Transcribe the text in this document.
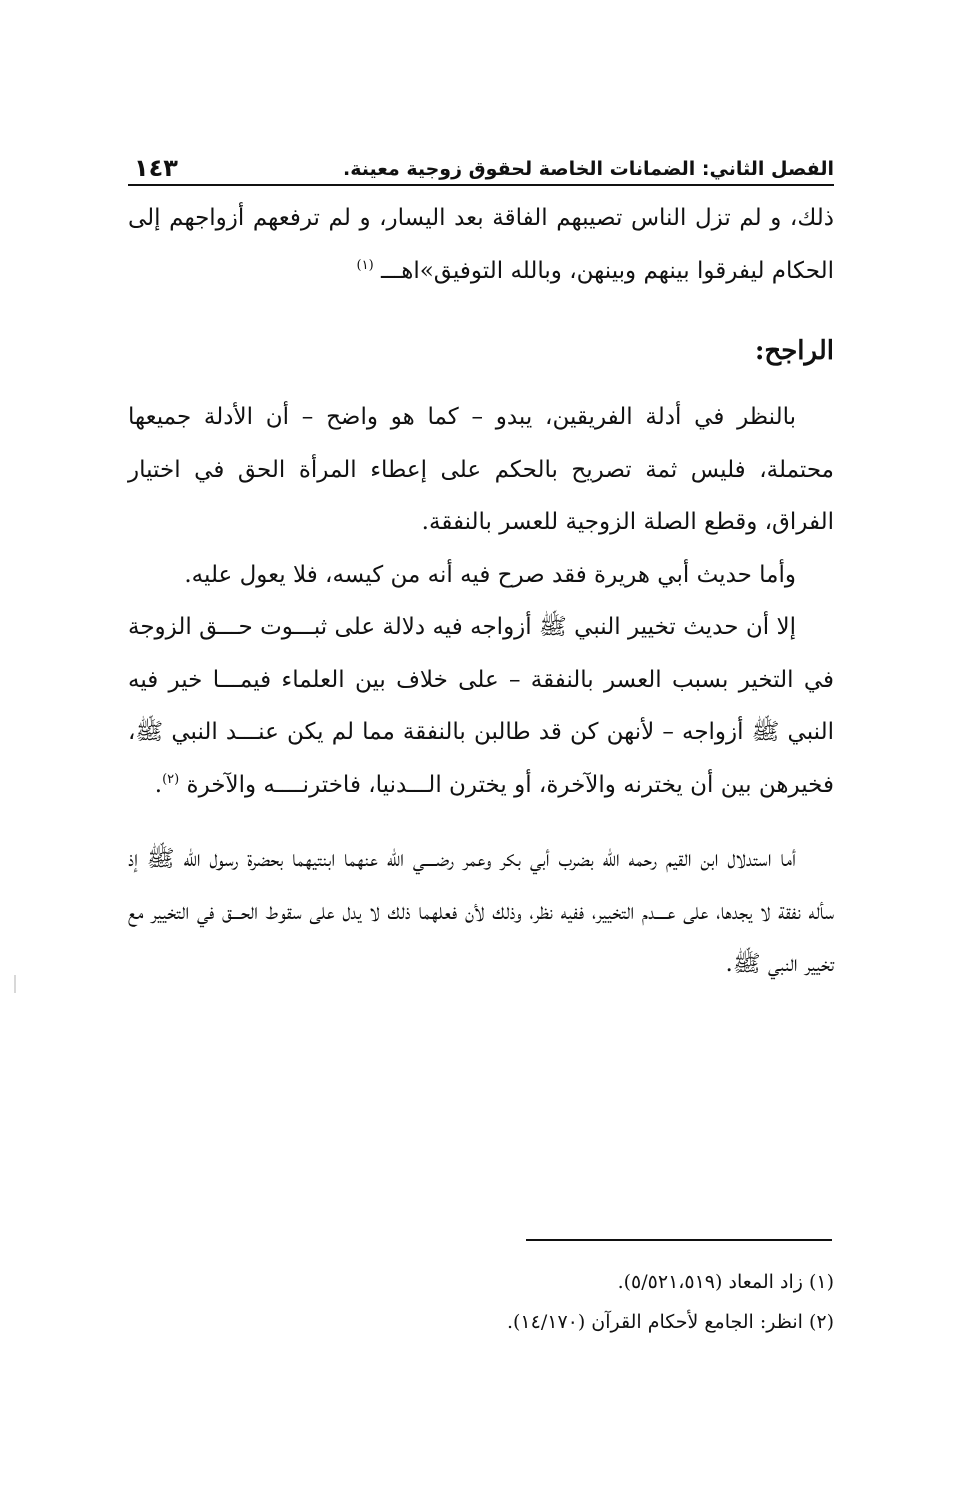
الفصل الثاني: الضمانات الخاصة لحقوق زوجية معينة.
١٤٣

ذلك، و لم تزل الناس تصيبهم الفاقة بعد اليسار، و لم ترفعهم أزواجهم إلى الحكام ليفرقوا بينهم وبينهن، وبالله التوفيق»اهـــ $^{(١)}$

الراجح:

بالنظر في أدلة الفريقين، يبدو – كما هو واضح – أن الأدلة جميعها محتملة، فليس ثمة تصريح بالحكم على إعطاء المرأة الحق في اختيار الفراق، وقطع الصلة الزوجية للعسر بالنفقة.

وأما حديث أبي هريرة فقد صرح فيه أنه من كيسه، فلا يعول عليه.

إلا أن حديث تخيير النبي ﷺ أزواجه فيه دلالة على ثبـــوت حـــق الزوجة في التخير بسبب العسر بالنفقة – على خلاف بين العلماء فيمـــا خير فيه النبي ﷺ أزواجه – لأنهن كن قد طالبن بالنفقة مما لم يكن عنـــد النبي ﷺ، فخيرهن بين أن يخترنه والآخرة، أو يخترن الـــدنيا، فاخترنــــه والآخرة $^{(٢)}$.

أما استدلال ابن القيم رحمه الله بضرب أبي بكر وعمر رضــــي الله عنهما ابنتيهما بحضرة رسول الله ﷺ إذ سأله نفقة لا يجدها، على عــــدم التخيير، ففيه نظر، وذلك لأن فعلهما ذلك لا يدل على سقوط الحـــق في التخيير مع تخيير النبي ﷺ.

(١) زاد المعاد (٥/٥٢١،٥١٩).

(٢) انظر: الجامع لأحكام القرآن (١٤/١٧٠).
